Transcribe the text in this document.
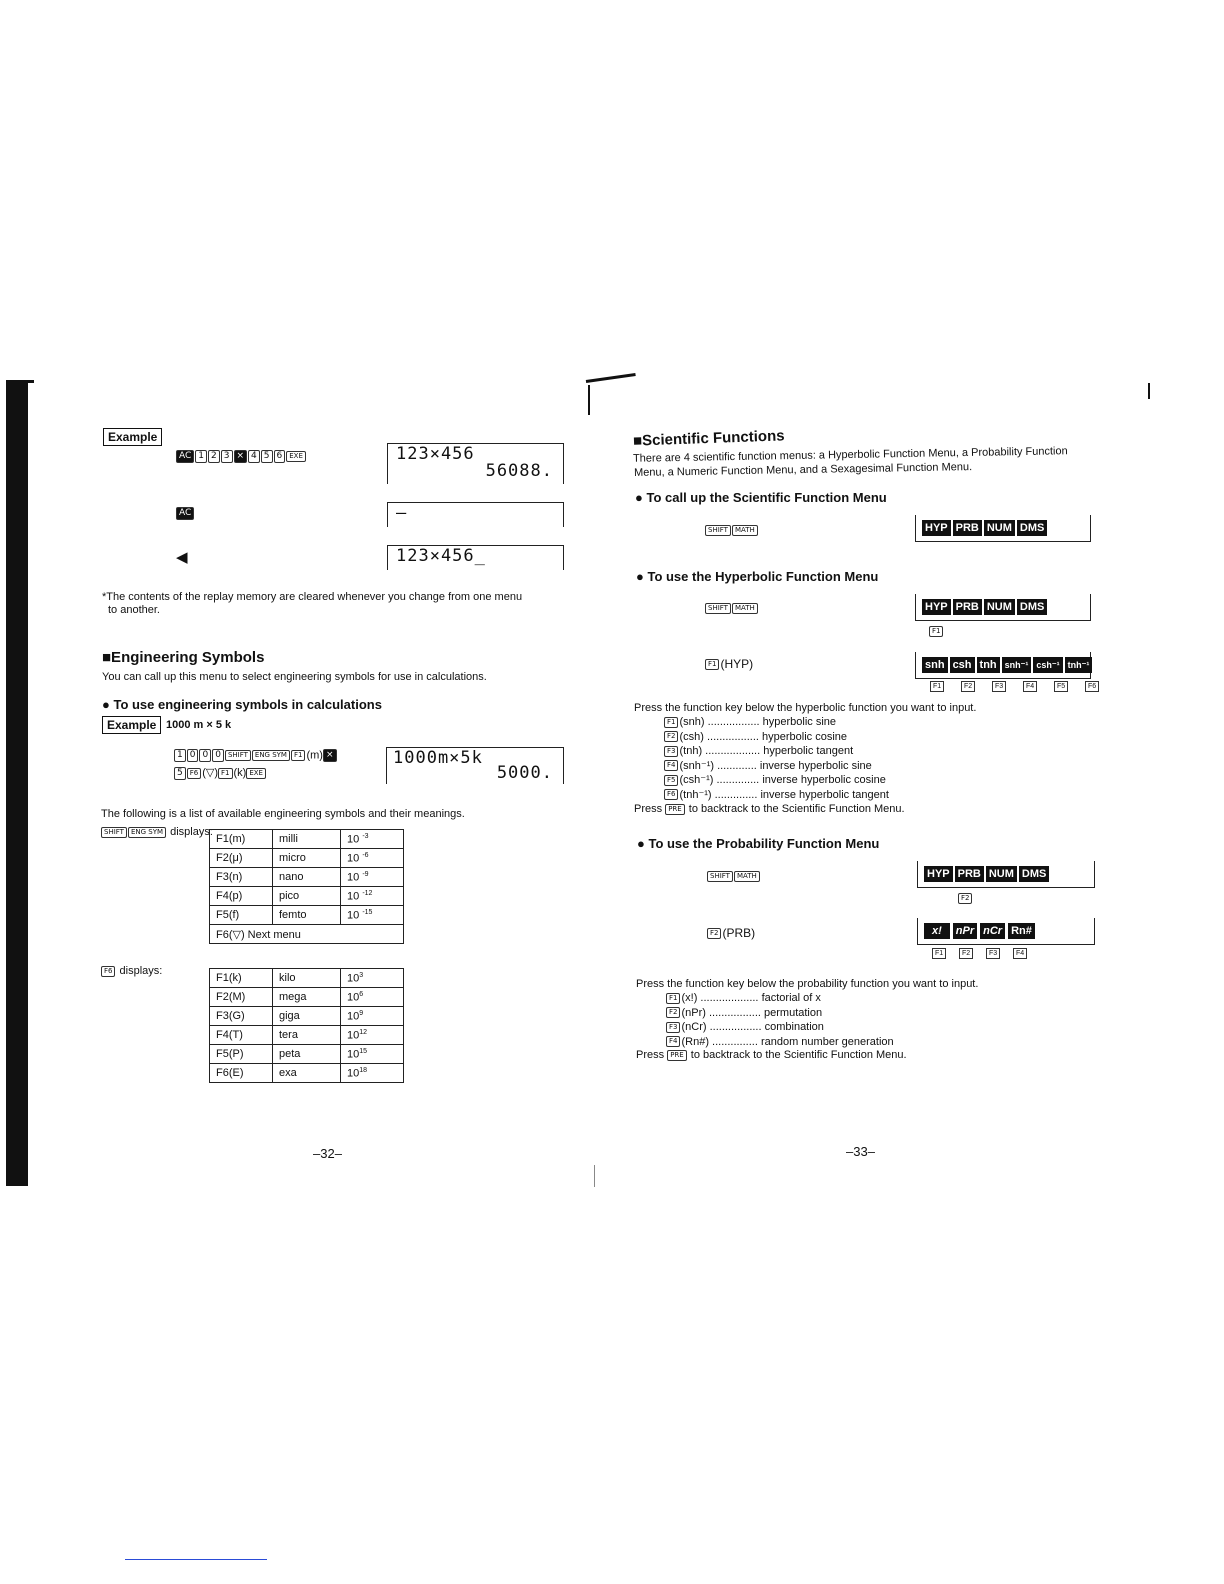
Example
AC 1 2 3 × 4 5 6 EXE	123×456
56088.
AC	–
◀	123×456_
*The contents of the replay memory are cleared whenever you change from one menu
to another.
■Engineering Symbols
You can call up this menu to select engineering symbols for use in calculations.
● To use engineering symbols in calculations
Example 1000 m × 5 k
1 0 0 0 SHIFT ENG SYM F1 (m) ×
5 F6 (▽) F1 (k) EXE
1000m×5k
5000.
The following is a list of available engineering symbols and their meanings.
SHIFT ENG SYM displays:
F1(m)	milli	10 $^{-3}$
F2(μ)	micro	10 $^{-6}$
F3(n)	nano	10 $^{-9}$
F4(p)	pico	10 $^{-12}$
F5(f)	femto	10 $^{-15}$
F6(▽) Next menu		
F6 displays:
F1(k)	kilo	$10^3$
F2(M)	mega	$10^6$
F3(G)	giga	$10^9$
F4(T)	tera	$10^{12}$
F5(P)	peta	$10^{15}$
F6(E)	exa	$10^{18}$
–32–
■Scientific Functions
There are 4 scientific function menus: a Hyperbolic Function Menu, a Probability Function
Menu, a Numeric Function Menu, and a Sexagesimal Function Menu.
● To call up the Scientific Function Menu
SHIFT MATH	HYP PRB NUM DMS
● To use the Hyperbolic Function Menu
SHIFT MATH	HYP PRB NUM DMS
F1
F1 (HYP)	snh csh tnh snh⁻¹ csh⁻¹ tnh⁻¹
F1	F2	F3	F4	F5	F6
Press the function key below the hyperbolic function you want to input.
F1 (snh) ................. hyperbolic sine
F2 (csh) ................. hyperbolic cosine
F3 (tnh) .................. hyperbolic tangent
F4 (snh⁻¹) ............. inverse hyperbolic sine
F5 (csh⁻¹) .............. inverse hyperbolic cosine
F6 (tnh⁻¹) .............. inverse hyperbolic tangent
Press PRE to backtrack to the Scientific Function Menu.
● To use the Probability Function Menu
SHIFT MATH	HYP PRB NUM DMS
F2
F2 (PRB)	x!	nPr nCr Rn#
F1	F2	F3	F4
Press the function key below the probability function you want to input.
F1 (x!) ................... factorial of x
F2 (nPr) ................. permutation
F3 (nCr) ................. combination
F4 (Rn#) ............... random number generation
Press PRE to backtrack to the Scientific Function Menu.
–33–
